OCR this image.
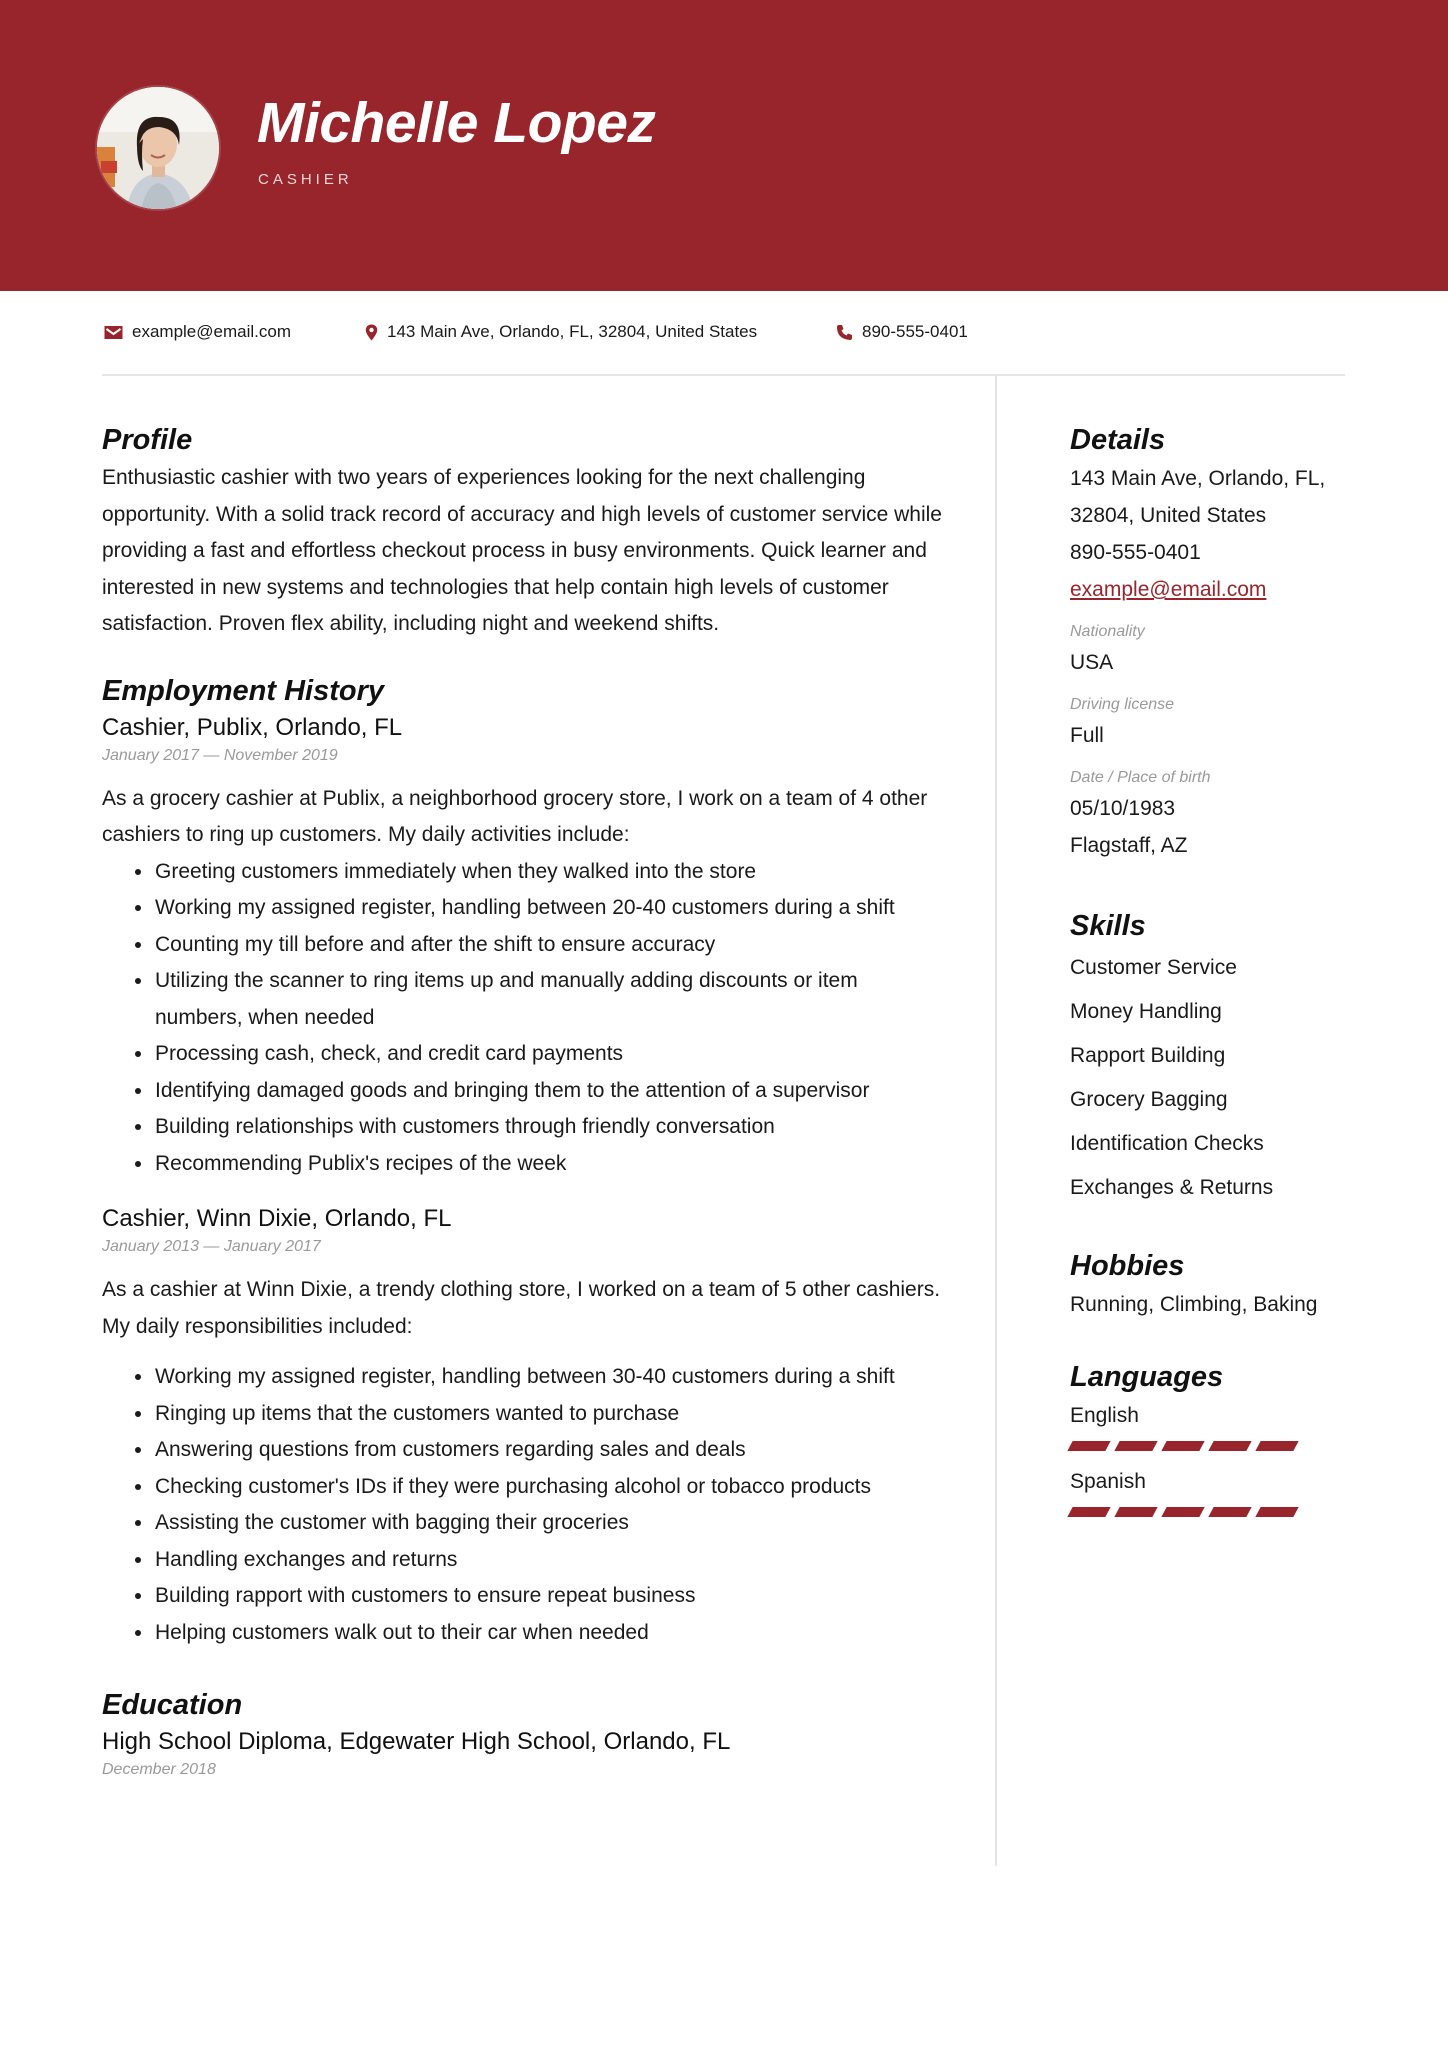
Michelle Lopez
CASHIER
example@email.com	143 Main Ave, Orlando, FL, 32804, United States	890-555-0401
Profile

Enthusiastic cashier with two years of experiences looking for the next challenging opportunity. With a solid track record of accuracy and high levels of customer service while providing a fast and effortless checkout process in busy environments. Quick learner and interested in new systems and technologies that help contain high levels of customer satisfaction. Proven flex ability, including night and weekend shifts.

Employment History

Cashier, Publix, Orlando, FL

January 2017 — November 2019

As a grocery cashier at Publix, a neighborhood grocery store, I work on a team of 4 other cashiers to ring up customers. My daily activities include:

• Greeting customers immediately when they walked into the store
• Working my assigned register, handling between 20-40 customers during a shift
• Counting my till before and after the shift to ensure accuracy
• Utilizing the scanner to ring items up and manually adding discounts or item numbers, when needed
• Processing cash, check, and credit card payments
• Identifying damaged goods and bringing them to the attention of a supervisor
• Building relationships with customers through friendly conversation
• Recommending Publix's recipes of the week

Cashier, Winn Dixie, Orlando, FL

January 2013 — January 2017

As a cashier at Winn Dixie, a trendy clothing store, I worked on a team of 5 other cashiers. My daily responsibilities included:

• Working my assigned register, handling between 30-40 customers during a shift
• Ringing up items that the customers wanted to purchase
• Answering questions from customers regarding sales and deals
• Checking customer's IDs if they were purchasing alcohol or tobacco products
• Assisting the customer with bagging their groceries
• Handling exchanges and returns
• Building rapport with customers to ensure repeat business
• Helping customers walk out to their car when needed
Education

High School Diploma, Edgewater High School, Orlando, FL

December 2018

Details

143 Main Ave, Orlando, FL,

32804, United States

890-555-0401

example@email.com

Nationality

USA

Driving license

Full

Date / Place of birth

05/10/1983

Flagstaff, AZ

Skills

Customer Service

Money Handling

Rapport Building

Grocery Bagging

Identification Checks

Exchanges & Returns

Hobbies

Running, Climbing, Baking

Languages

English

Spanish
